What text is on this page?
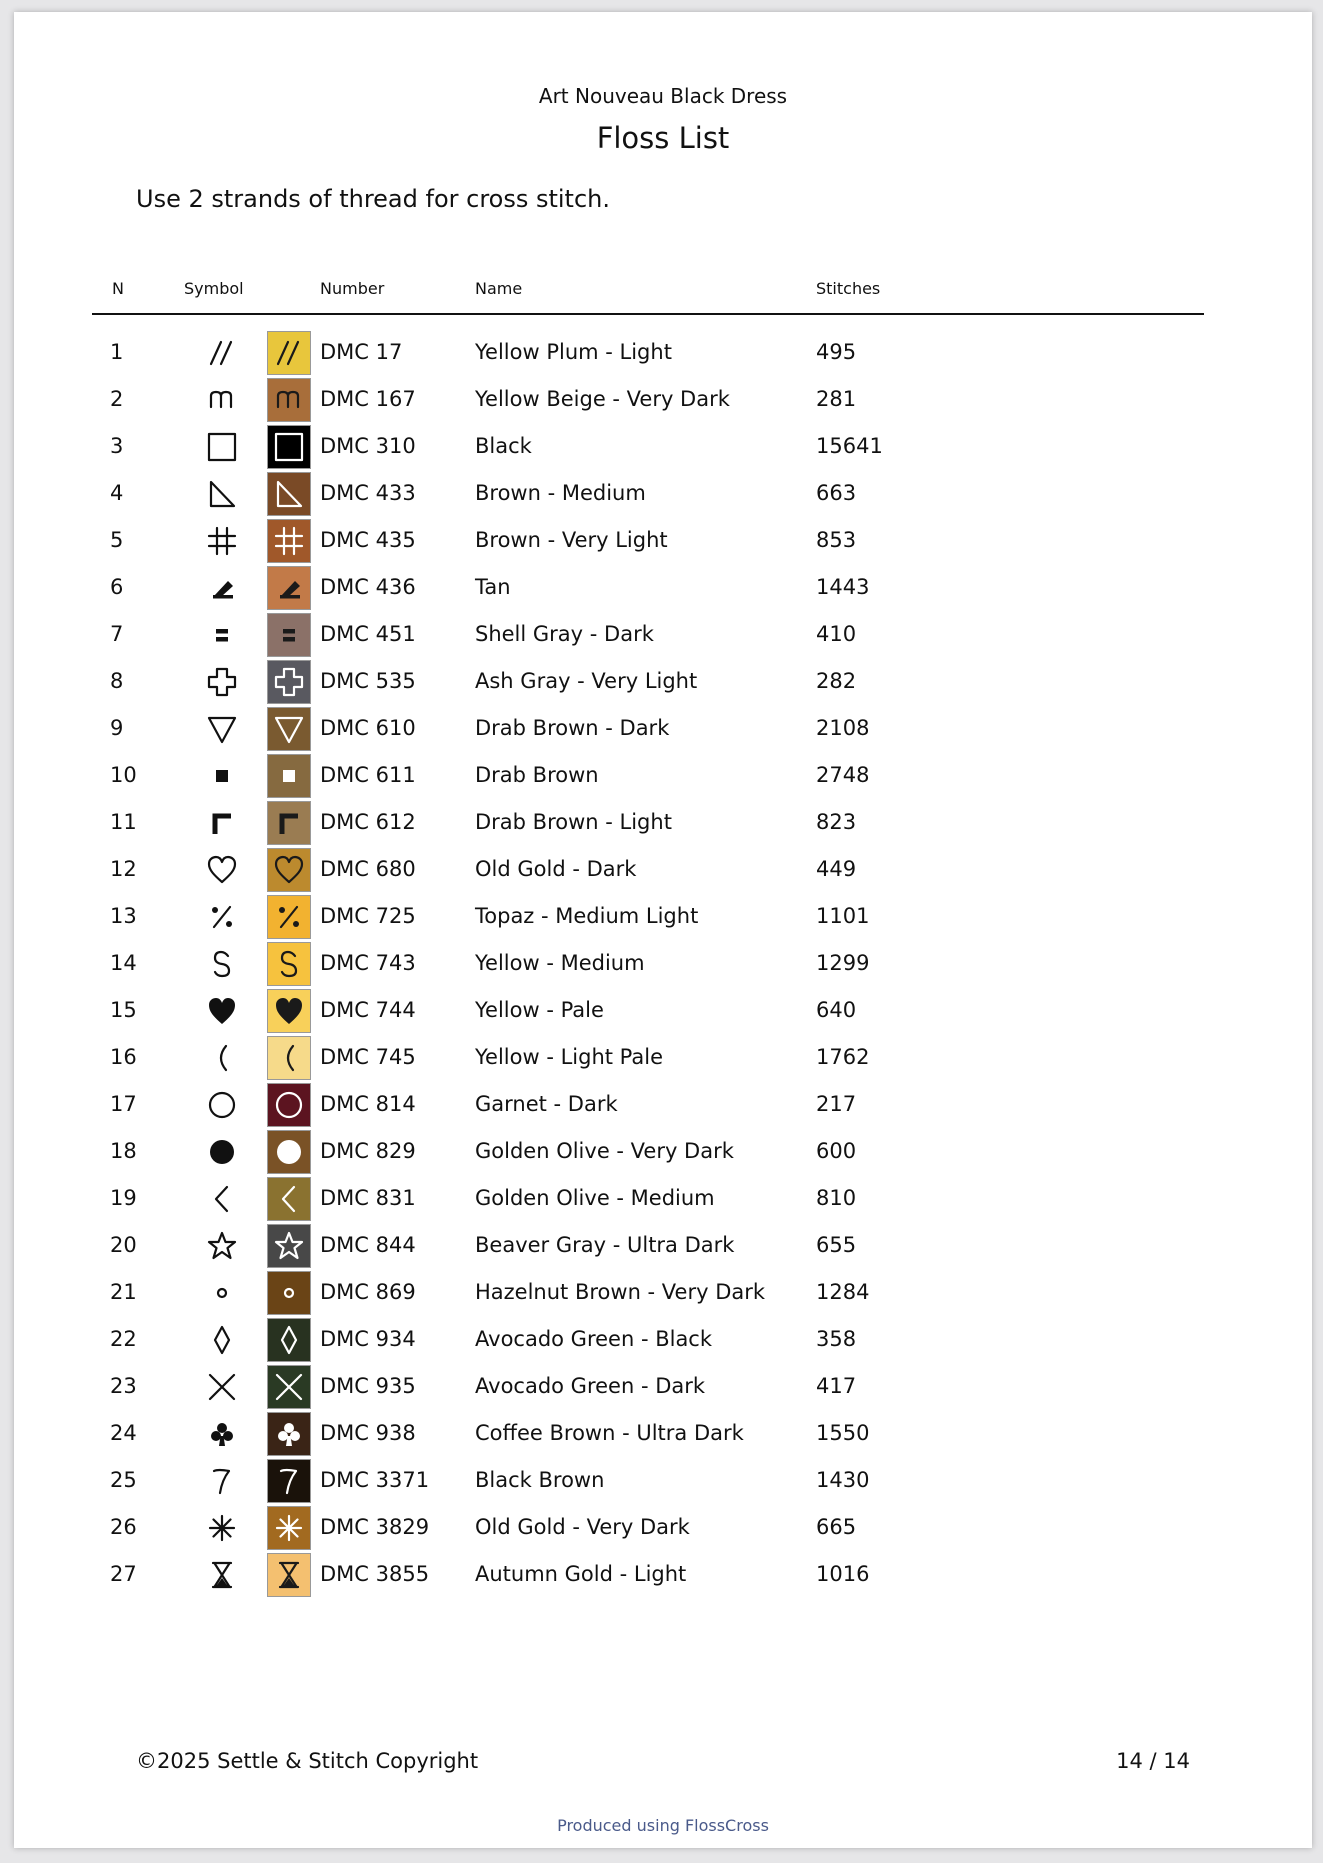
Art Nouveau Black Dress
Floss List
Use 2 strands of thread for cross stitch.
N	Symbol	Number	Name	Stitches
1	DMC 17	Yellow Plum - Light	495
2	DMC 167	Yellow Beige - Very Dark	281
3	DMC 310	Black	15641
4	DMC 433	Brown - Medium	663
5	DMC 435	Brown - Very Light	853
6	DMC 436	Tan	1443
7	DMC 451	Shell Gray - Dark	410
8	DMC 535	Ash Gray - Very Light	282
9	DMC 610	Drab Brown - Dark	2108
10	DMC 611	Drab Brown	2748
11	DMC 612	Drab Brown - Light	823
12	DMC 680	Old Gold - Dark	449
13	DMC 725	Topaz - Medium Light	1101
14	DMC 743	Yellow - Medium	1299
15	DMC 744	Yellow - Pale	640
16	DMC 745	Yellow - Light Pale	1762
17	DMC 814	Garnet - Dark	217
18	DMC 829	Golden Olive - Very Dark	600
19	DMC 831	Golden Olive - Medium	810
20	DMC 844	Beaver Gray - Ultra Dark	655
21	DMC 869	Hazelnut Brown - Very Dark 1284
22	DMC 934	Avocado Green - Black	358
23	DMC 935	Avocado Green - Dark	417
24	DMC 938	Coffee Brown - Ultra Dark	1550
25	DMC 3371 Black Brown	1430
26	DMC 3829 Old Gold - Very Dark	665
27	DMC 3855 Autumn Gold - Light	1016
©2025 Settle & Stitch Copyright	14 / 14
Produced using FlossCross
